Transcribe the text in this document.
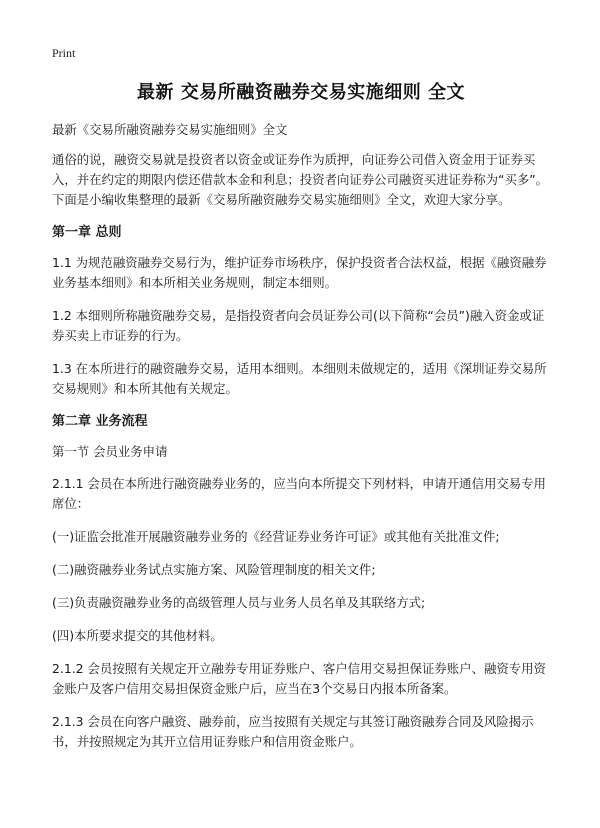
Print
最新 交易所融资融券交易实施细则 全文

最新《交易所融资融券交易实施细则》全文

通俗的说，融资交易就是投资者以资金或证券作为质押，向证券公司借入资金用于证券买入，并在约定的期限内偿还借款本金和利息；投资者向证券公司融资买进证券称为“买多”。下面是小编收集整理的最新《交易所融资融券交易实施细则》全文，欢迎大家分享。

第一章 总则

1.1 为规范融资融券交易行为，维护证券市场秩序，保护投资者合法权益，根据《融资融券业务基本细则》和本所相关业务规则，制定本细则。

1.2 本细则所称融资融券交易，是指投资者向会员证券公司(以下简称“会员”)融入资金或证券买卖上市证券的行为。

1.3 在本所进行的融资融券交易，适用本细则。本细则未做规定的，适用《深圳证券交易所交易规则》和本所其他有关规定。

第二章 业务流程

第一节 会员业务申请

2.1.1 会员在本所进行融资融券业务的，应当向本所提交下列材料，申请开通信用交易专用席位：

(一)证监会批准开展融资融券业务的《经营证券业务许可证》或其他有关批准文件;

(二)融资融券业务试点实施方案、风险管理制度的相关文件;

(三)负责融资融券业务的高级管理人员与业务人员名单及其联络方式;

(四)本所要求提交的其他材料。

2.1.2 会员按照有关规定开立融券专用证券账户、客户信用交易担保证券账户、融资专用资金账户及客户信用交易担保资金账户后，应当在3个交易日内报本所备案。

2.1.3 会员在向客户融资、融券前，应当按照有关规定与其签订融资融券合同及风险揭示书，并按照规定为其开立信用证券账户和信用资金账户。
